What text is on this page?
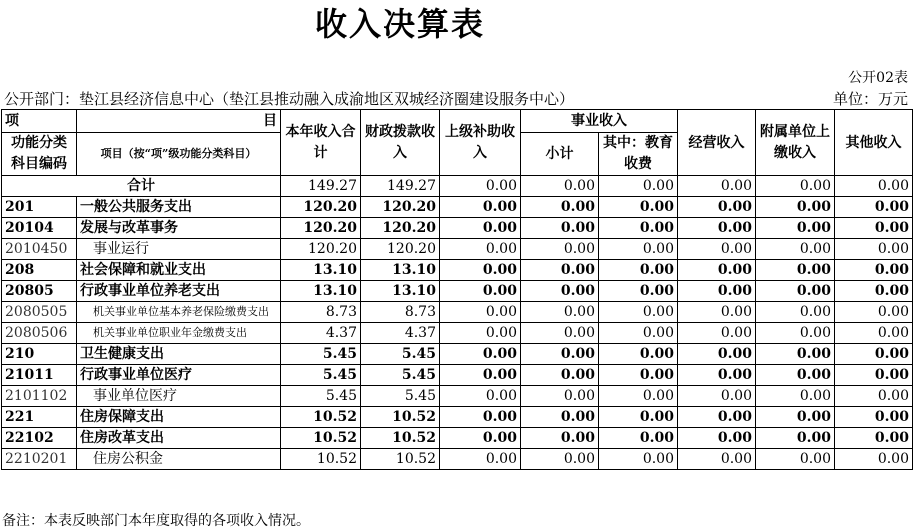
收入决算表
公开02表
公开部门：垫江县经济信息中心（垫江县推动融入成渝地区双城经济圈建设服务中心）	单位：万元
项	目	本年收入合计	财政拨款收入	上级补助收入	事业收入		经营收入	附属单位上缴收入	其他收入
功能分类科目编码	项目（按“项”级功能分类科目）				小计	其中：教育收费			

合计		149.27	149.27	0.00	0.00	0.00	0.00	0.00	0.00
201	一般公共服务支出	120.20	120.20	0.00	0.00	0.00	0.00	0.00	0.00
20104	发展与改革事务	120.20	120.20	0.00	0.00	0.00	0.00	0.00	0.00
2010450	事业运行	120.20	120.20	0.00	0.00	0.00	0.00	0.00	0.00
208	社会保障和就业支出	13.10	13.10	0.00	0.00	0.00	0.00	0.00	0.00
20805	行政事业单位养老支出	13.10	13.10	0.00	0.00	0.00	0.00	0.00	0.00
2080505	机关事业单位基本养老保险缴费支出	8.73	8.73	0.00	0.00	0.00	0.00	0.00	0.00
2080506	机关事业单位职业年金缴费支出	4.37	4.37	0.00	0.00	0.00	0.00	0.00	0.00
210	卫生健康支出	5.45	5.45	0.00	0.00	0.00	0.00	0.00	0.00
21011	行政事业单位医疗	5.45	5.45	0.00	0.00	0.00	0.00	0.00	0.00
2101102	事业单位医疗	5.45	5.45	0.00	0.00	0.00	0.00	0.00	0.00
221	住房保障支出	10.52	10.52	0.00	0.00	0.00	0.00	0.00	0.00
22102	住房改革支出	10.52	10.52	0.00	0.00	0.00	0.00	0.00	0.00
2210201	住房公积金	10.52	10.52	0.00	0.00	0.00	0.00	0.00	0.00
备注：本表反映部门本年度取得的各项收入情况。
